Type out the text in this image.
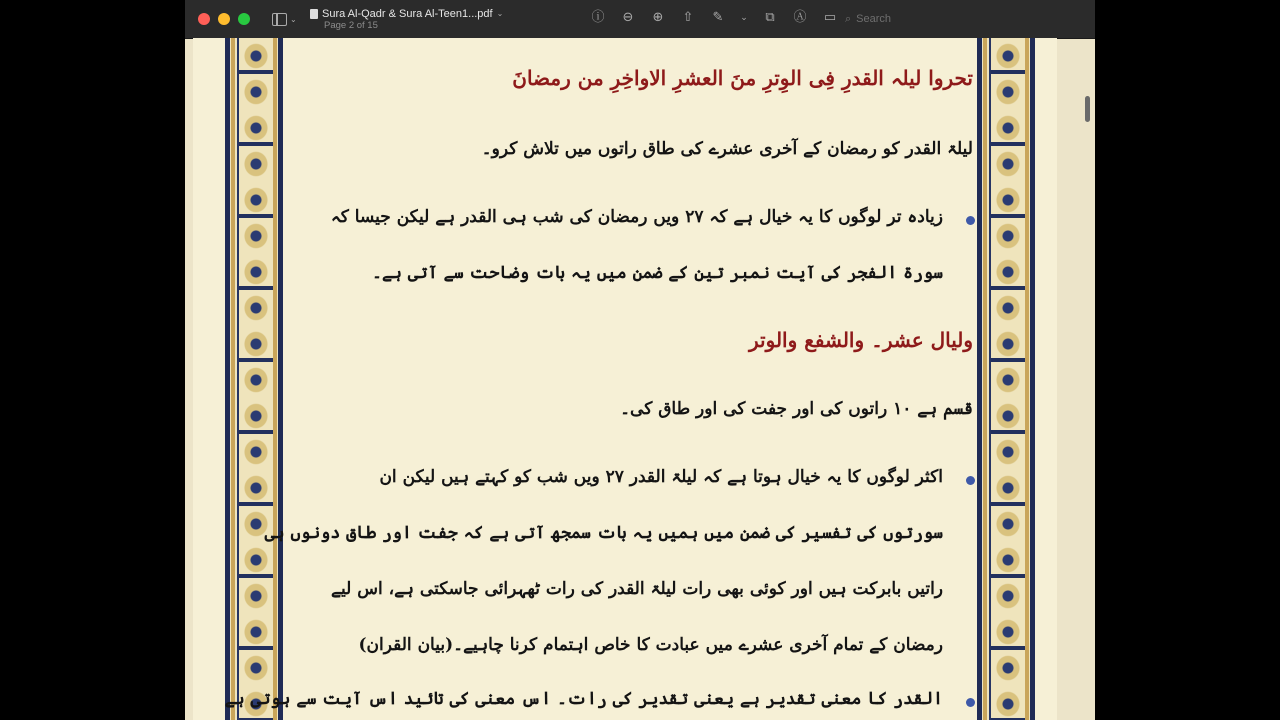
⌄ Sura Al-Qadr & Sura Al-Teen1...pdf ⌄
Page 2 of 15	ⓘ ⊖ ⊕ ⇧ ✎ ⌄ ⧉ Ⓐ ▭ ⌕ Search
تحروا لیلہ القدرِ فِی الوِترِ منَ العشرِ الاواخِرِ من رمضانَ
لیلۃ القدر کو رمضان کے آخری عشرے کی طاق راتوں میں تلاش کرو۔
زیادہ تر لوگوں کا یہ خیال ہے کہ ۲۷ ویں رمضان کی شب ہی القدر ہے لیکن جیسا کہ
سورۃ الفجر کی آیت نمبر تین کے ضمن میں یہ بات وضاحت سے آتی ہے۔
ولیال عشر۔ والشفع والوتر
قسم ہے ۱۰ راتوں کی اور جفت کی اور طاق کی۔
اکثر لوگوں کا یہ خیال ہوتا ہے کہ لیلۃ القدر ۲۷ ویں شب کو کہتے ہیں لیکن ان
سورتوں کی تفسیر کی ضمن میں ہمیں یہ بات سمجھ آتی ہے کہ جفت اور طاق دونوں ہی
راتیں بابرکت ہیں اور کوئی بھی رات لیلۃ القدر کی رات ٹھہرائی جاسکتی ہے، اس لیے
رمضان کے تمام آخری عشرے میں عبادت کا خاص اہتمام کرنا چاہیے۔(بیان القران)
القدر کا معنی تقدیر ہے یعنی تقدیر کی رات۔ اس معنی کی تائید اس آیت سے ہوتی ہے
